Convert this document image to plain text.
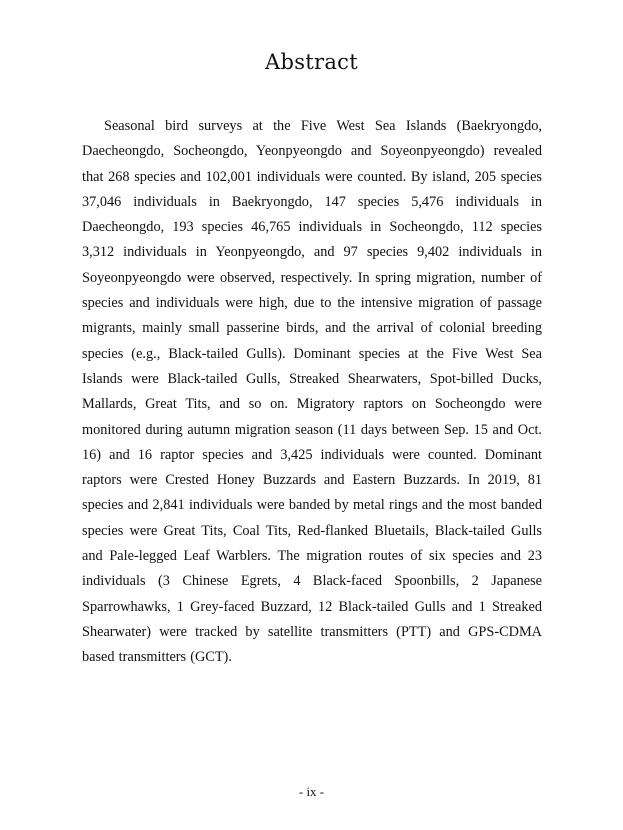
Abstract

Seasonal bird surveys at the Five West Sea Islands (Baekryongdo, Daecheongdo, Socheongdo, Yeonpyeongdo and Soyeonpyeongdo) revealed that 268 species and 102,001 individuals were counted. By island, 205 species 37,046 individuals in Baekryongdo, 147 species 5,476 individuals in Daecheongdo, 193 species 46,765 individuals in Socheongdo, 112 species 3,312 individuals in Yeonpyeongdo, and 97 species 9,402 individuals in Soyeonpyeongdo were observed, respectively. In spring migration, number of species and individuals were high, due to the intensive migration of passage migrants, mainly small passerine birds, and the arrival of colonial breeding species (e.g., Black-tailed Gulls). Dominant species at the Five West Sea Islands were Black-tailed Gulls, Streaked Shearwaters, Spot-billed Ducks, Mallards, Great Tits, and so on. Migratory raptors on Socheongdo were monitored during autumn migration season (11 days between Sep. 15 and Oct. 16) and 16 raptor species and 3,425 individuals were counted. Dominant raptors were Crested Honey Buzzards and Eastern Buzzards. In 2019, 81 species and 2,841 individuals were banded by metal rings and the most banded species were Great Tits, Coal Tits, Red-flanked Bluetails, Black-tailed Gulls and Pale-legged Leaf Warblers. The migration routes of six species and 23 individuals (3 Chinese Egrets, 4 Black-faced Spoonbills, 2 Japanese Sparrowhawks, 1 Grey-faced Buzzard, 12 Black-tailed Gulls and 1 Streaked Shearwater) were tracked by satellite transmitters (PTT) and GPS-CDMA based transmitters (GCT).

- ix -
